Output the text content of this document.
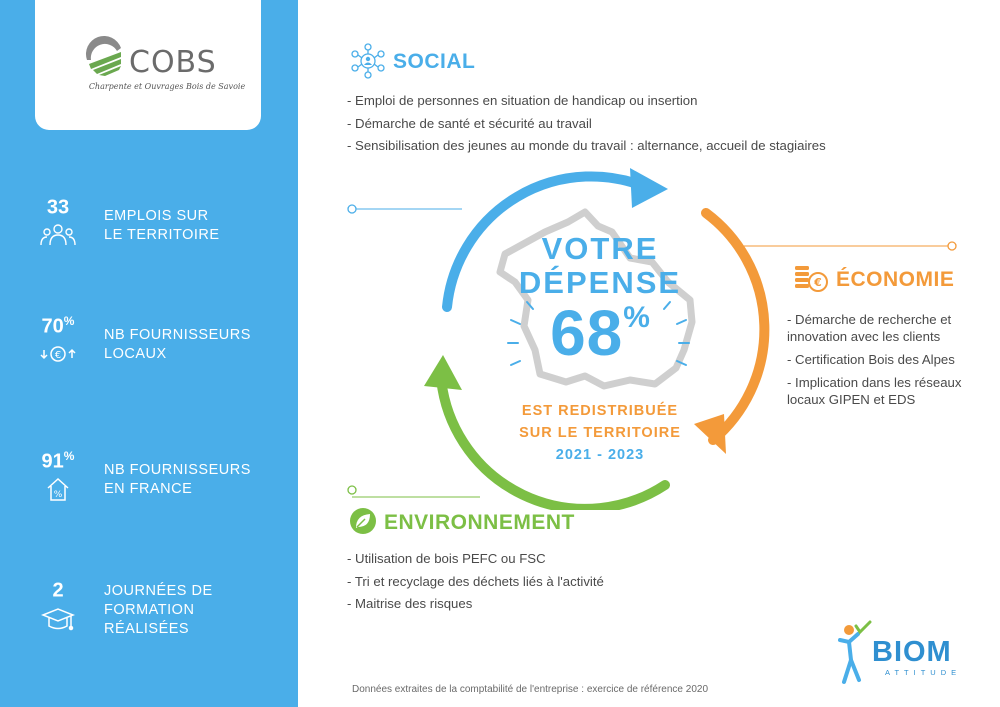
COBS
Charpente et Ouvrages Bois de Savoie
33	EMPLOIS SUR
LE TERRITOIRE
70%
€
NB FOURNISSEURS
LOCAUX
91%
%
NB FOURNISSEURS
EN FRANCE
2	JOURNÉES DE
FORMATION
RÉALISÉES
SOCIAL
- Emploi de personnes en situation de handicap ou insertion
- Démarche de santé et sécurité au travail
- Sensibilisation des jeunes au monde du travail : alternance, accueil de stagiaires
€ ÉCONOMIE
- Démarche de recherche et innovation avec les clients
- Certification Bois des Alpes
- Implication dans les réseaux locaux GIPEN et EDS
ENVIRONNEMENT
- Utilisation de bois PEFC ou FSC
- Tri et recyclage des déchets liés à l'activité
- Maitrise des risques
VOTRE
DÉPENSE
68%
EST REDISTRIBUÉE
SUR LE TERRITOIRE
2021 - 2023
BIOM
ATTITUDE
Données extraites de la comptabilité de l'entreprise : exercice de référence 2020
